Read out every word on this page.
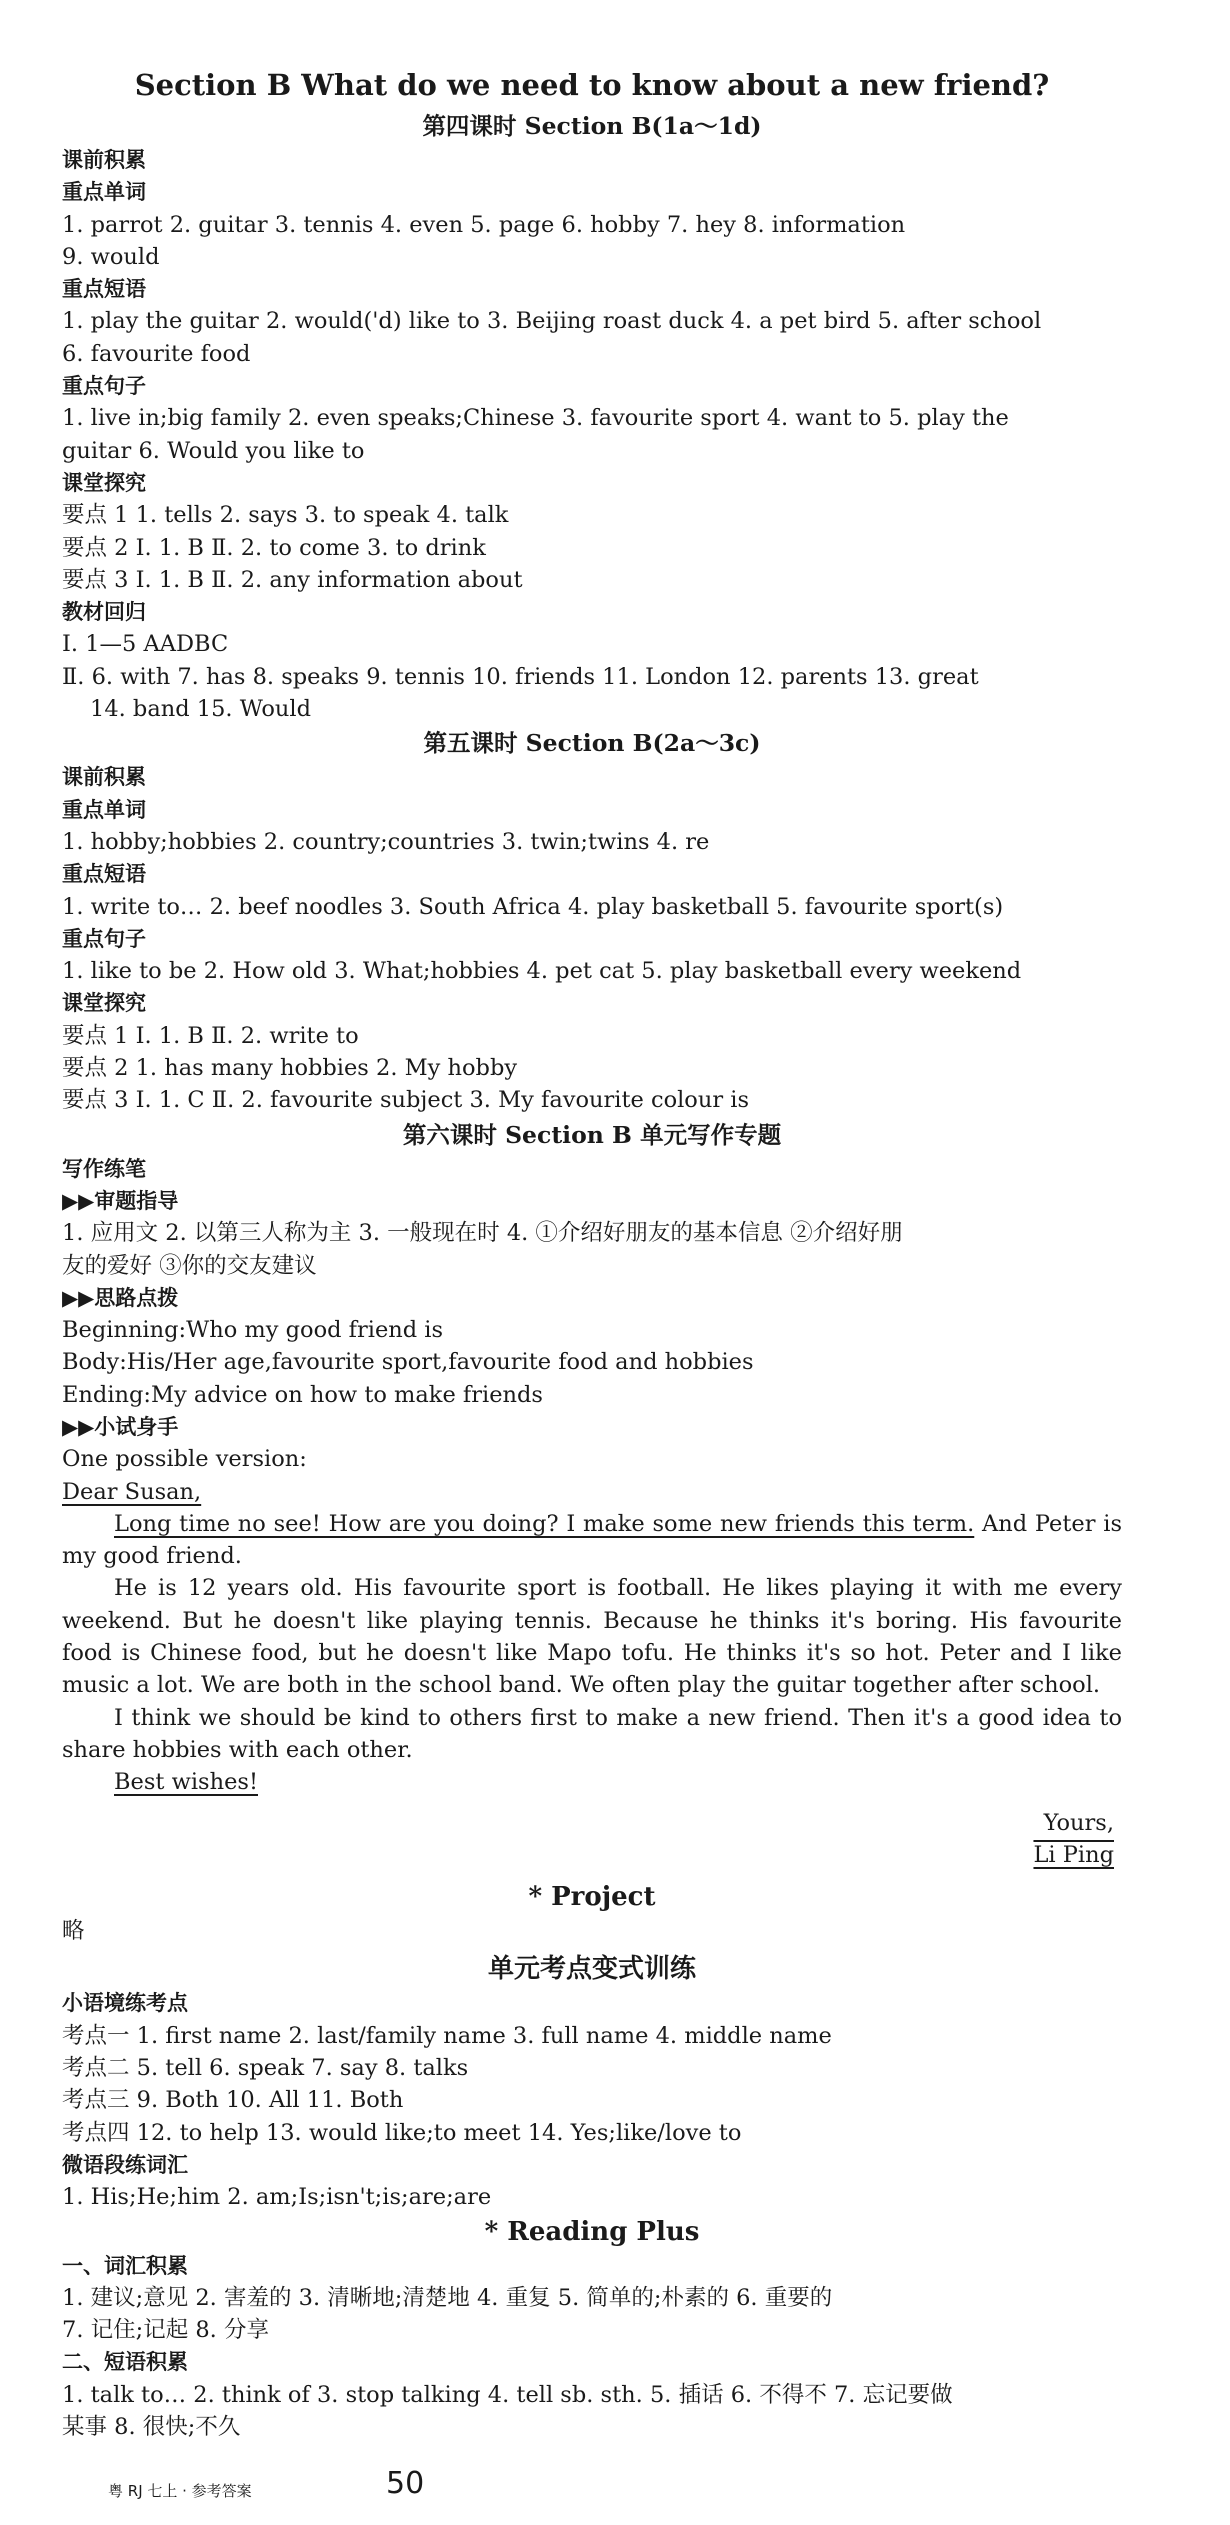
Section B What do we need to know about a new friend?
第四课时 Section B(1a～1d)
课前积累
重点单词
1. parrot 2. guitar 3. tennis 4. even 5. page 6. hobby 7. hey 8. information
9. would
重点短语
1. play the guitar 2. would('d) like to 3. Beijing roast duck 4. a pet bird 5. after school
6. favourite food
重点句子
1. live in;big family 2. even speaks;Chinese 3. favourite sport 4. want to 5. play the
guitar 6. Would you like to
课堂探究
要点 1 1. tells 2. says 3. to speak 4. talk
要点 2 Ⅰ. 1. B Ⅱ. 2. to come 3. to drink
要点 3 Ⅰ. 1. B Ⅱ. 2. any information about
教材回归
Ⅰ. 1—5 AADBC
Ⅱ. 6. with 7. has 8. speaks 9. tennis 10. friends 11. London 12. parents 13. great
14. band 15. Would
第五课时 Section B(2a～3c)
课前积累
重点单词
1. hobby;hobbies 2. country;countries 3. twin;twins 4. re
重点短语
1. write to… 2. beef noodles 3. South Africa 4. play basketball 5. favourite sport(s)
重点句子
1. like to be 2. How old 3. What;hobbies 4. pet cat 5. play basketball every weekend
课堂探究
要点 1 Ⅰ. 1. B Ⅱ. 2. write to
要点 2 1. has many hobbies 2. My hobby
要点 3 Ⅰ. 1. C Ⅱ. 2. favourite subject 3. My favourite colour is
第六课时 Section B 单元写作专题
写作练笔
▶▶审题指导
1. 应用文 2. 以第三人称为主 3. 一般现在时 4. ①介绍好朋友的基本信息 ②介绍好朋
友的爱好 ③你的交友建议
▶▶思路点拨
Beginning:Who my good friend is
Body:His/Her age,favourite sport,favourite food and hobbies
Ending:My advice on how to make friends
▶▶小试身手
One possible version:
Dear Susan,
Long time no see! How are you doing? I make some new friends this term. And Peter is my good friend.
He is 12 years old. His favourite sport is football. He likes playing it with me every weekend. But he doesn't like playing tennis. Because he thinks it's boring. His favourite food is Chinese food, but he doesn't like Mapo tofu. He thinks it's so hot. Peter and I like music a lot. We are both in the school band. We often play the guitar together after school.
I think we should be kind to others first to make a new friend. Then it's a good idea to share hobbies with each other.
Best wishes!
Yours,
Li Ping
* Project
略
单元考点变式训练
小语境练考点
考点一 1. first name 2. last/family name 3. full name 4. middle name
考点二 5. tell 6. speak 7. say 8. talks
考点三 9. Both 10. All 11. Both
考点四 12. to help 13. would like;to meet 14. Yes;like/love to
微语段练词汇
1. His;He;him 2. am;Is;isn't;is;are;are
* Reading Plus
一、词汇积累
1. 建议;意见 2. 害羞的 3. 清晰地;清楚地 4. 重复 5. 简单的;朴素的 6. 重要的
7. 记住;记起 8. 分享
二、短语积累
1. talk to… 2. think of 3. stop talking 4. tell sb. sth. 5. 插话 6. 不得不 7. 忘记要做
某事 8. 很快;不久
粤 RJ 七上 · 参考答案	50
